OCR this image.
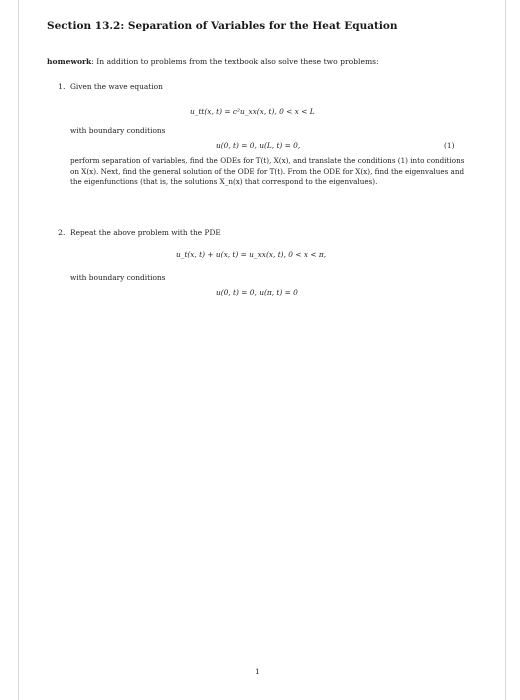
Section 13.2: Separation of Variables for the Heat Equation
homework: In addition to problems from the textbook also solve these two problems:
1. Given the wave equation
u_tt(x, t) = c²u_xx(x, t), 0 < x < L
with boundary conditions
u(0, t) = 0, u(L, t) = 0,	(1)
perform separation of variables, find the ODEs for T(t), X(x), and translate the conditions (1) into conditions on X(x). Next, find the general solution of the ODE for T(t). From the ODE for X(x), find the eigenvalues and the eigenfunctions (that is, the solutions X_n(x) that correspond to the eigenvalues).
2. Repeat the above problem with the PDE
u_t(x, t) + u(x, t) = u_xx(x, t), 0 < x < π,
with boundary conditions
u(0, t) = 0, u(π, t) = 0
1
